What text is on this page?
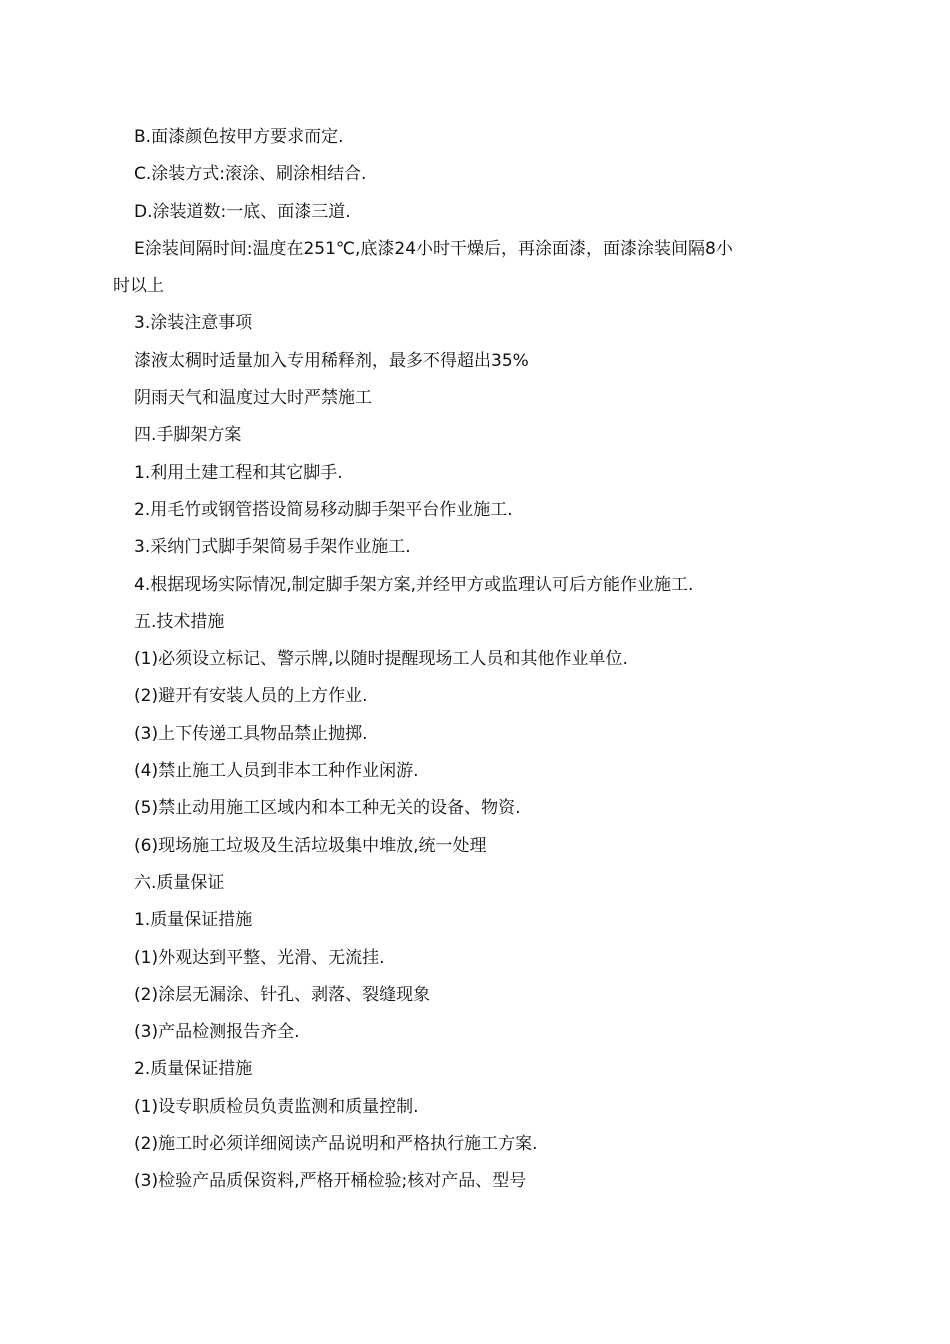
B.面漆颜色按甲方要求而定.

C.涂装方式:滚涂、刷涂相结合.

D.涂装道数:一底、面漆三道.

E涂装间隔时间:温度在251℃,底漆24小时干燥后，再涂面漆，面漆涂装间隔8小

时以上

3.涂装注意事项

漆液太稠时适量加入专用稀释剂，最多不得超出35%

阴雨天气和温度过大时严禁施工

四.手脚架方案

1.利用土建工程和其它脚手.

2.用毛竹或钢管搭设简易移动脚手架平台作业施工.

3.采纳门式脚手架简易手架作业施工.

4.根据现场实际情况,制定脚手架方案,并经甲方或监理认可后方能作业施工.

五.技术措施

(1)必须设立标记、警示牌,以随时提醒现场工人员和其他作业单位.

(2)避开有安装人员的上方作业.

(3)上下传递工具物品禁止抛掷.

(4)禁止施工人员到非本工种作业闲游.

(5)禁止动用施工区域内和本工种无关的设备、物资.

(6)现场施工垃圾及生活垃圾集中堆放,统一处理

六.质量保证

1.质量保证措施

(1)外观达到平整、光滑、无流挂.

(2)涂层无漏涂、针孔、剥落、裂缝现象

(3)产品检测报告齐全.

2.质量保证措施

(1)设专职质检员负责监测和质量控制.

(2)施工时必须详细阅读产品说明和严格执行施工方案.

(3)检验产品质保资料,严格开桶检验;核对产品、型号
